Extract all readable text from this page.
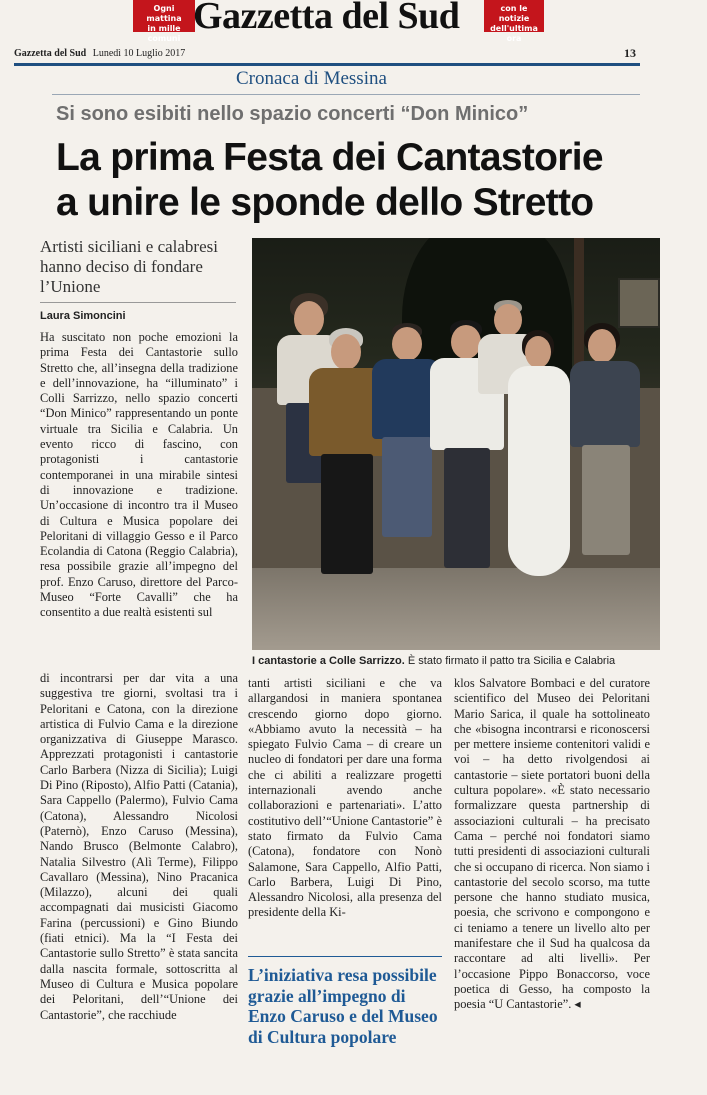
Ogni mattina
in mille comuni
Gazzetta del Sud	con le notizie
dell'ultima ora
Gazzetta del Sud Lunedì 10 Luglio 2017	13
Cronaca di Messina
Si sono esibiti nello spazio concerti “Don Minico”
La prima Festa dei Cantastorie
a unire le sponde dello Stretto
Artisti siciliani e calabresi hanno deciso di fondare l’Unione
Laura Simoncini

Ha suscitato non poche emozioni la prima Festa dei Cantastorie sullo Stretto che, all’insegna della tradizione e dell’innovazione, ha “illuminato” i Colli Sarrizzo, nello spazio concerti “Don Minico” rappresentando un ponte virtuale tra Sicilia e Calabria. Un evento ricco di fascino, con protagonisti i cantastorie contemporanei in una mirabile sintesi di innovazione e tradizione. Un’occasione di incontro tra il Museo di Cultura e Musica popolare dei Peloritani di villaggio Gesso e il Parco Ecolandia di Catona (Reggio Calabria), resa possibile grazie all’impegno del prof. Enzo Caruso, direttore del Parco-Museo “Forte Cavalli” che ha consentito a due realtà esistenti sul

di incontrarsi per dar vita a una suggestiva tre giorni, svoltasi tra i Peloritani e Catona, con la direzione artistica di Fulvio Cama e la direzione organizzativa di Giuseppe Marasco. Apprezzati protagonisti i cantastorie Carlo Barbera (Nizza di Sicilia); Luigi Di Pino (Riposto), Alfio Patti (Catania), Sara Cappello (Palermo), Fulvio Cama (Catona), Alessandro Nicolosi (Paternò), Enzo Caruso (Messina), Nando Brusco (Belmonte Calabro), Natalia Silvestro (Alì Terme), Filippo Cavallaro (Messina), Nino Pracanica (Milazzo), alcuni dei quali accompagnati dai musicisti Giacomo Farina (percussioni) e Gino Biundo (fiati etnici). Ma la “I Festa dei Cantastorie sullo Stretto” è stata sancita dalla nascita formale, sottoscritta al Museo di Cultura e Musica popolare dei Peloritani, dell’“Unione dei Cantastorie”, che racchiude

I cantastorie a Colle Sarrizzo. È stato firmato il patto tra Sicilia e Calabria

tanti artisti siciliani e che va allargandosi in maniera spontanea crescendo giorno dopo giorno. «Abbiamo avuto la necessità – ha spiegato Fulvio Cama – di creare un nucleo di fondatori per dare una forma che ci abiliti a realizzare progetti internazionali avendo anche collaborazioni e partenariati». L’atto costitutivo dell’“Unione Cantastorie” è stato firmato da Fulvio Cama (Catona), fondatore con Nonò Salamone, Sara Cappello, Alfio Patti, Carlo Barbera, Luigi Di Pino, Alessandro Nicolosi, alla presenza del presidente della Ki-

L’iniziativa resa possibile grazie all’impegno di Enzo Caruso e del Museo di Cultura popolare

klos Salvatore Bombaci e del curatore scientifico del Museo dei Peloritani Mario Sarica, il quale ha sottolineato che «bisogna incontrarsi e riconoscersi per mettere insieme contenitori validi e voi – ha detto rivolgendosi ai cantastorie – siete portatori buoni della cultura popolare». «È stato necessario formalizzare questa partnership di associazioni culturali – ha precisato Cama – perché noi fondatori siamo tutti presidenti di associazioni culturali che si occupano di ricerca. Non siamo i cantastorie del secolo scorso, ma tutte persone che hanno studiato musica, poesia, che scrivono e compongono e ci teniamo a tenere un livello alto per manifestare che il Sud ha qualcosa da raccontare ad alti livelli». Per l’occasione Pippo Bonaccorso, voce poetica di Gesso, ha composto la poesia “U Cantastorie”. ◂
